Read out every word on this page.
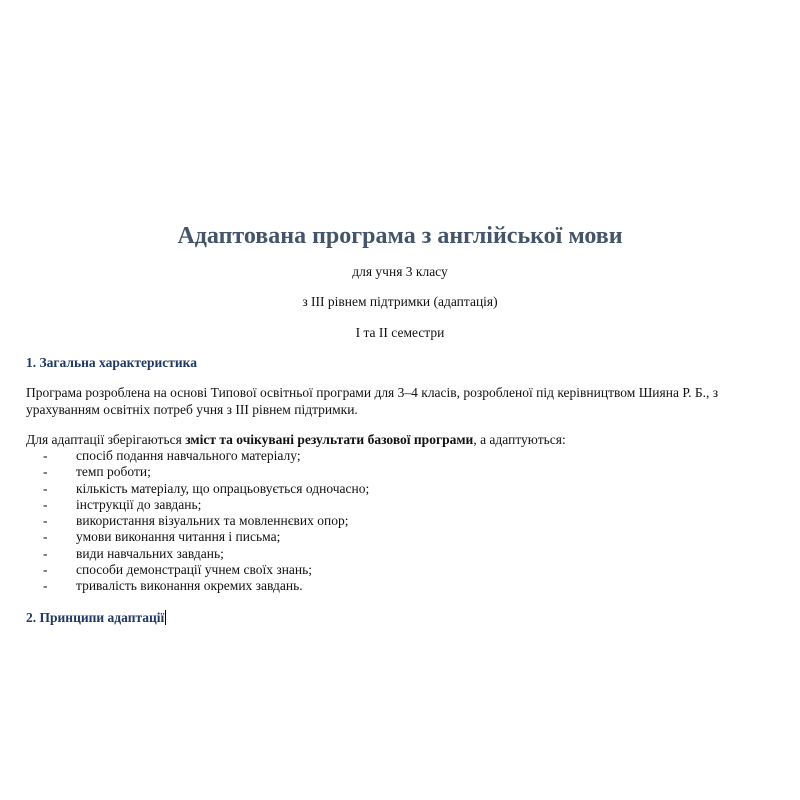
Адаптована програма з англійської мови

для учня 3 класу

з ІІІ рівнем підтримки (адаптація)

І та ІІ семестри

1. Загальна характеристика

Програма розроблена на основі Типової освітньої програми для 3–4 класів, розробленої під керівництвом Шияна Р. Б., з урахуванням освітніх потреб учня з ІІІ рівнем підтримки.

Для адаптації зберігаються зміст та очікувані результати базової програми, а адаптуються:

- спосіб подання навчального матеріалу;
- темп роботи;
- кількість матеріалу, що опрацьовується одночасно;
- інструкції до завдань;
- використання візуальних та мовленнєвих опор;
- умови виконання читання і письма;
- види навчальних завдань;
- способи демонстрації учнем своїх знань;
- тривалість виконання окремих завдань.
2. Принципи адаптації
